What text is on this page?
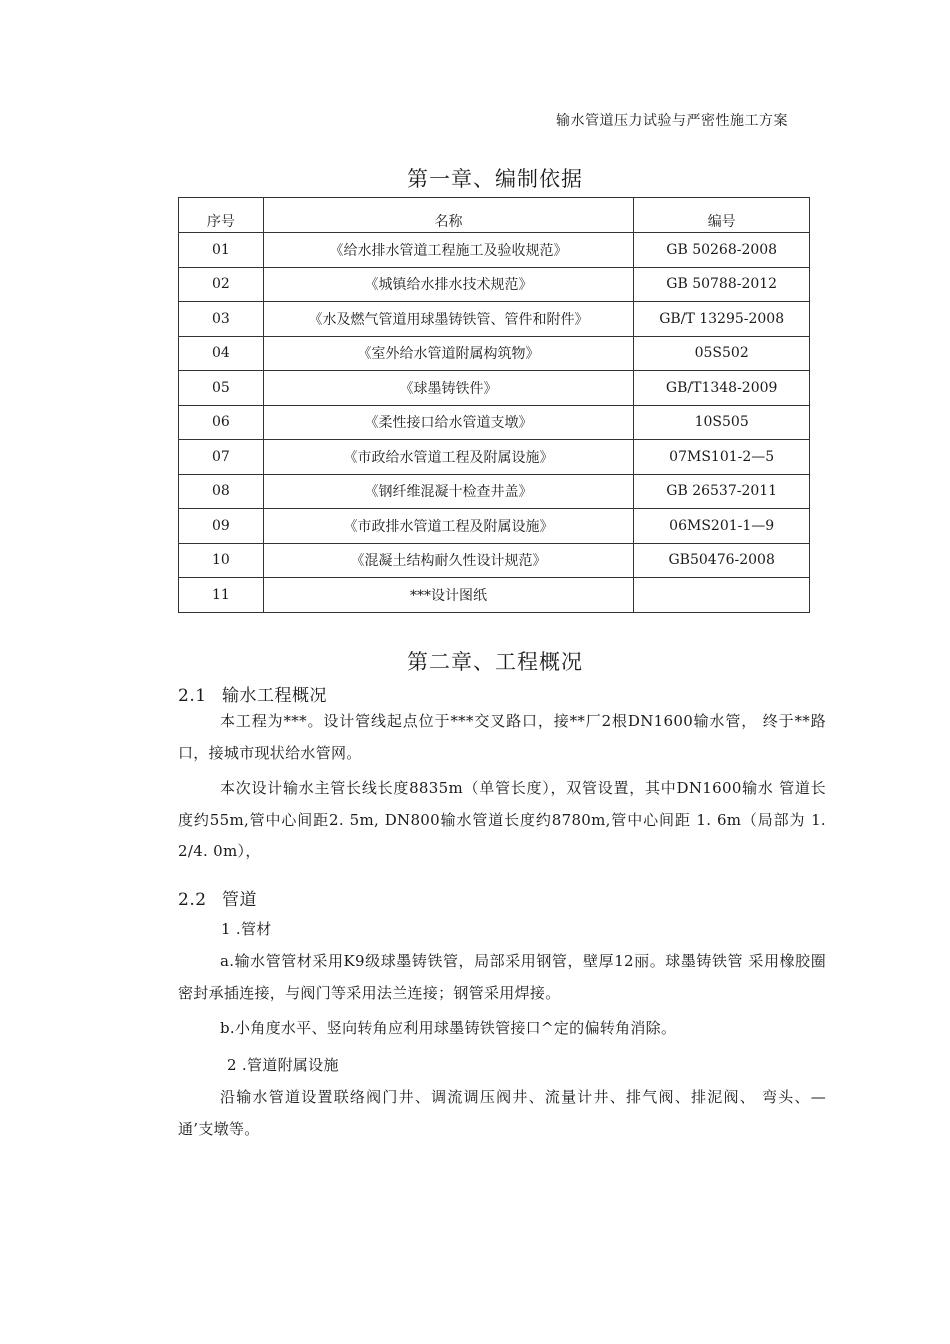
输水管道压力试验与严密性施工方案
第一章、编制依据
序号	名称	编号
01	《给水排水管道工程施工及验收规范》	GB 50268-2008
02	《城镇给水排水技术规范》	GB 50788-2012
03	《水及燃气管道用球墨铸铁管、管件和附件》	GB/T 13295-2008
04	《室外给水管道附属构筑物》	05S502
05	《球墨铸铁件》	GB/T1348-2009
06	《柔性接口给水管道支墩》	10S505
07	《市政给水管道工程及附属设施》	07MS101-2—5
08	《钢纤维混凝十检查井盖》	GB 26537-2011
09	《市政排水管道工程及附属设施》	06MS201-1—9
10	《混凝土结构耐久性设计规范》	GB50476-2008
11	***设计图纸	
第二章、工程概况
2.1 输水工程概况
本工程为***。设计管线起点位于***交叉路口，接**厂2根DN1600输水管， 终于**路口，接城市现状给水管网。
本次设计输水主管长线长度8835m（单管长度），双管设置，其中DN1600输水 管道长度约55m,管中心间距2. 5m, DN800输水管道长度约8780m,管中心间距 1. 6m（局部为 1. 2/4. 0m），
2.2 管道
1 .管材
a.输水管管材采用K9级球墨铸铁管，局部采用钢管，壁厚12丽。球墨铸铁管 采用橡胶圈密封承插连接，与阀门等采用法兰连接；钢管采用焊接。
b.小角度水平、竖向转角应利用球墨铸铁管接口^定的偏转角消除。
2 .管道附属设施
沿输水管道设置联络阀门井、调流调压阀井、流量计井、排气阀、排泥阀、 弯头、—通’支墩等。
